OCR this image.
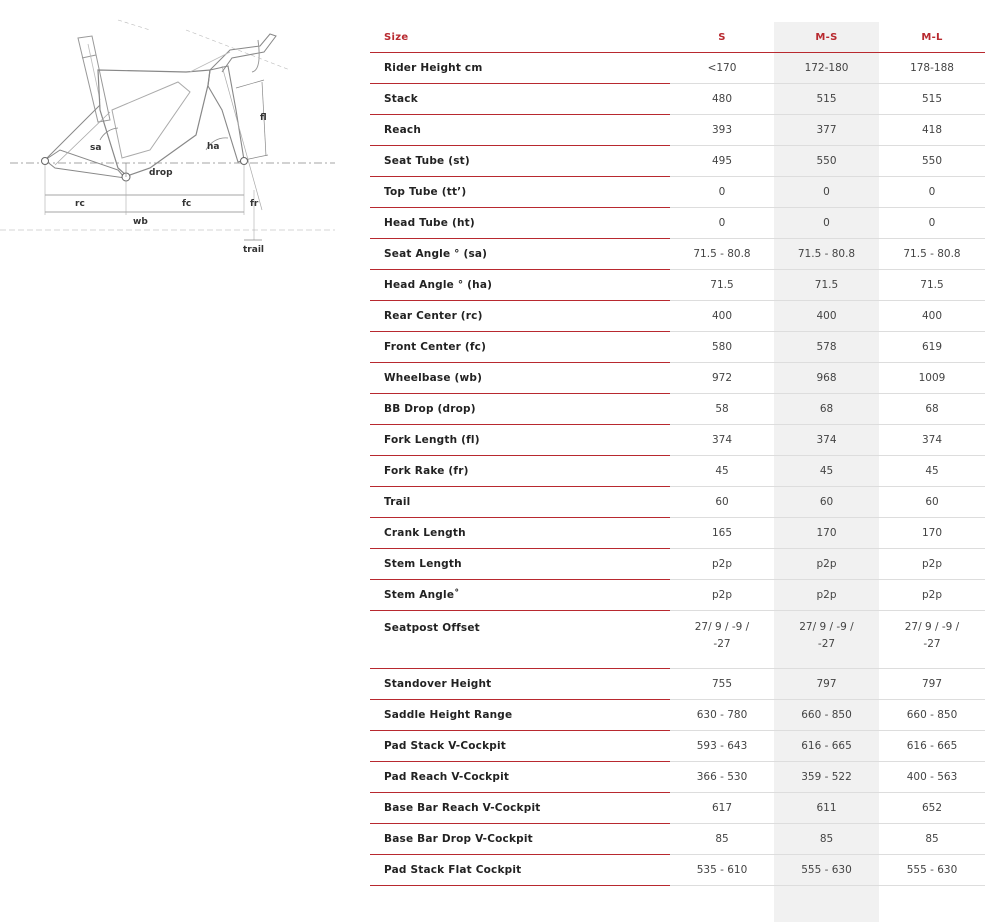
sa	ha
fl
drop
rc	fc
wb
fr
trail
Size	S	M-S	M-L
Rider Height cm	<170	172-180	178-188
Stack	480	515	515
Reach	393	377	418
Seat Tube (st)	495	550	550
Top Tube (tt’)	0	0	0
Head Tube (ht)	0	0	0
Seat Angle ° (sa)	71.5 - 80.8	71.5 - 80.8	71.5 - 80.8
Head Angle ° (ha)	71.5	71.5	71.5
Rear Center (rc)	400	400	400
Front Center (fc)	580	578	619
Wheelbase (wb)	972	968	1009
BB Drop (drop)	58	68	68
Fork Length (fl)	374	374	374
Fork Rake (fr)	45	45	45
Trail	60	60	60
Crank Length	165	170	170
Stem Length	p2p	p2p	p2p
Stem Angle˚	p2p	p2p	p2p
Seatpost Offset	27/ 9 / -9 / -27	27/ 9 / -9 / -27	27/ 9 / -9 / -27
Standover Height	755	797	797
Saddle Height Range	630 - 780	660 - 850	660 - 850
Pad Stack V-Cockpit	593 - 643	616 - 665	616 - 665
Pad Reach V-Cockpit	366 - 530	359 - 522	400 - 563
Base Bar Reach V-Cockpit	617	611	652
Base Bar Drop V-Cockpit	85	85	85
Pad Stack Flat Cockpit	535 - 610	555 - 630	555 - 630
